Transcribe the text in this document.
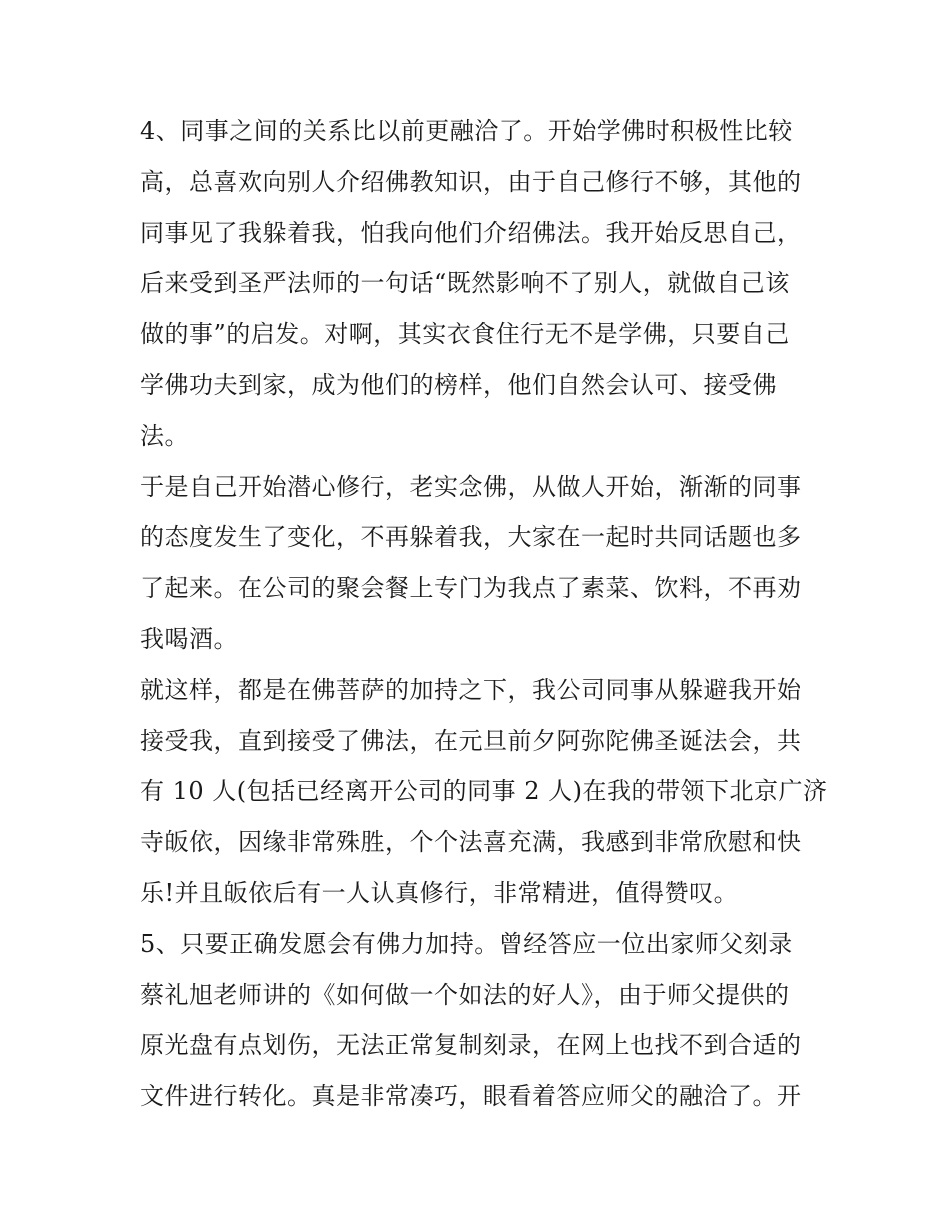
4、同事之间的关系比以前更融洽了。开始学佛时积极性比较
高，总喜欢向别人介绍佛教知识，由于自己修行不够，其他的
同事见了我躲着我，怕我向他们介绍佛法。我开始反思自己，
后来受到圣严法师的一句话“既然影响不了别人，就做自己该
做的事”的启发。对啊，其实衣食住行无不是学佛，只要自己
学佛功夫到家，成为他们的榜样，他们自然会认可、接受佛
法。
于是自己开始潜心修行，老实念佛，从做人开始，渐渐的同事
的态度发生了变化，不再躲着我，大家在一起时共同话题也多
了起来。在公司的聚会餐上专门为我点了素菜、饮料，不再劝
我喝酒。
就这样，都是在佛菩萨的加持之下，我公司同事从躲避我开始
接受我，直到接受了佛法，在元旦前夕阿弥陀佛圣诞法会，共
有 10 人(包括已经离开公司的同事 2 人)在我的带领下北京广济
寺皈依，因缘非常殊胜，个个法喜充满，我感到非常欣慰和快
乐!并且皈依后有一人认真修行，非常精进，值得赞叹。
5、只要正确发愿会有佛力加持。曾经答应一位出家师父刻录
蔡礼旭老师讲的《如何做一个如法的好人》，由于师父提供的
原光盘有点划伤，无法正常复制刻录，在网上也找不到合适的
文件进行转化。真是非常凑巧，眼看着答应师父的融洽了。开
